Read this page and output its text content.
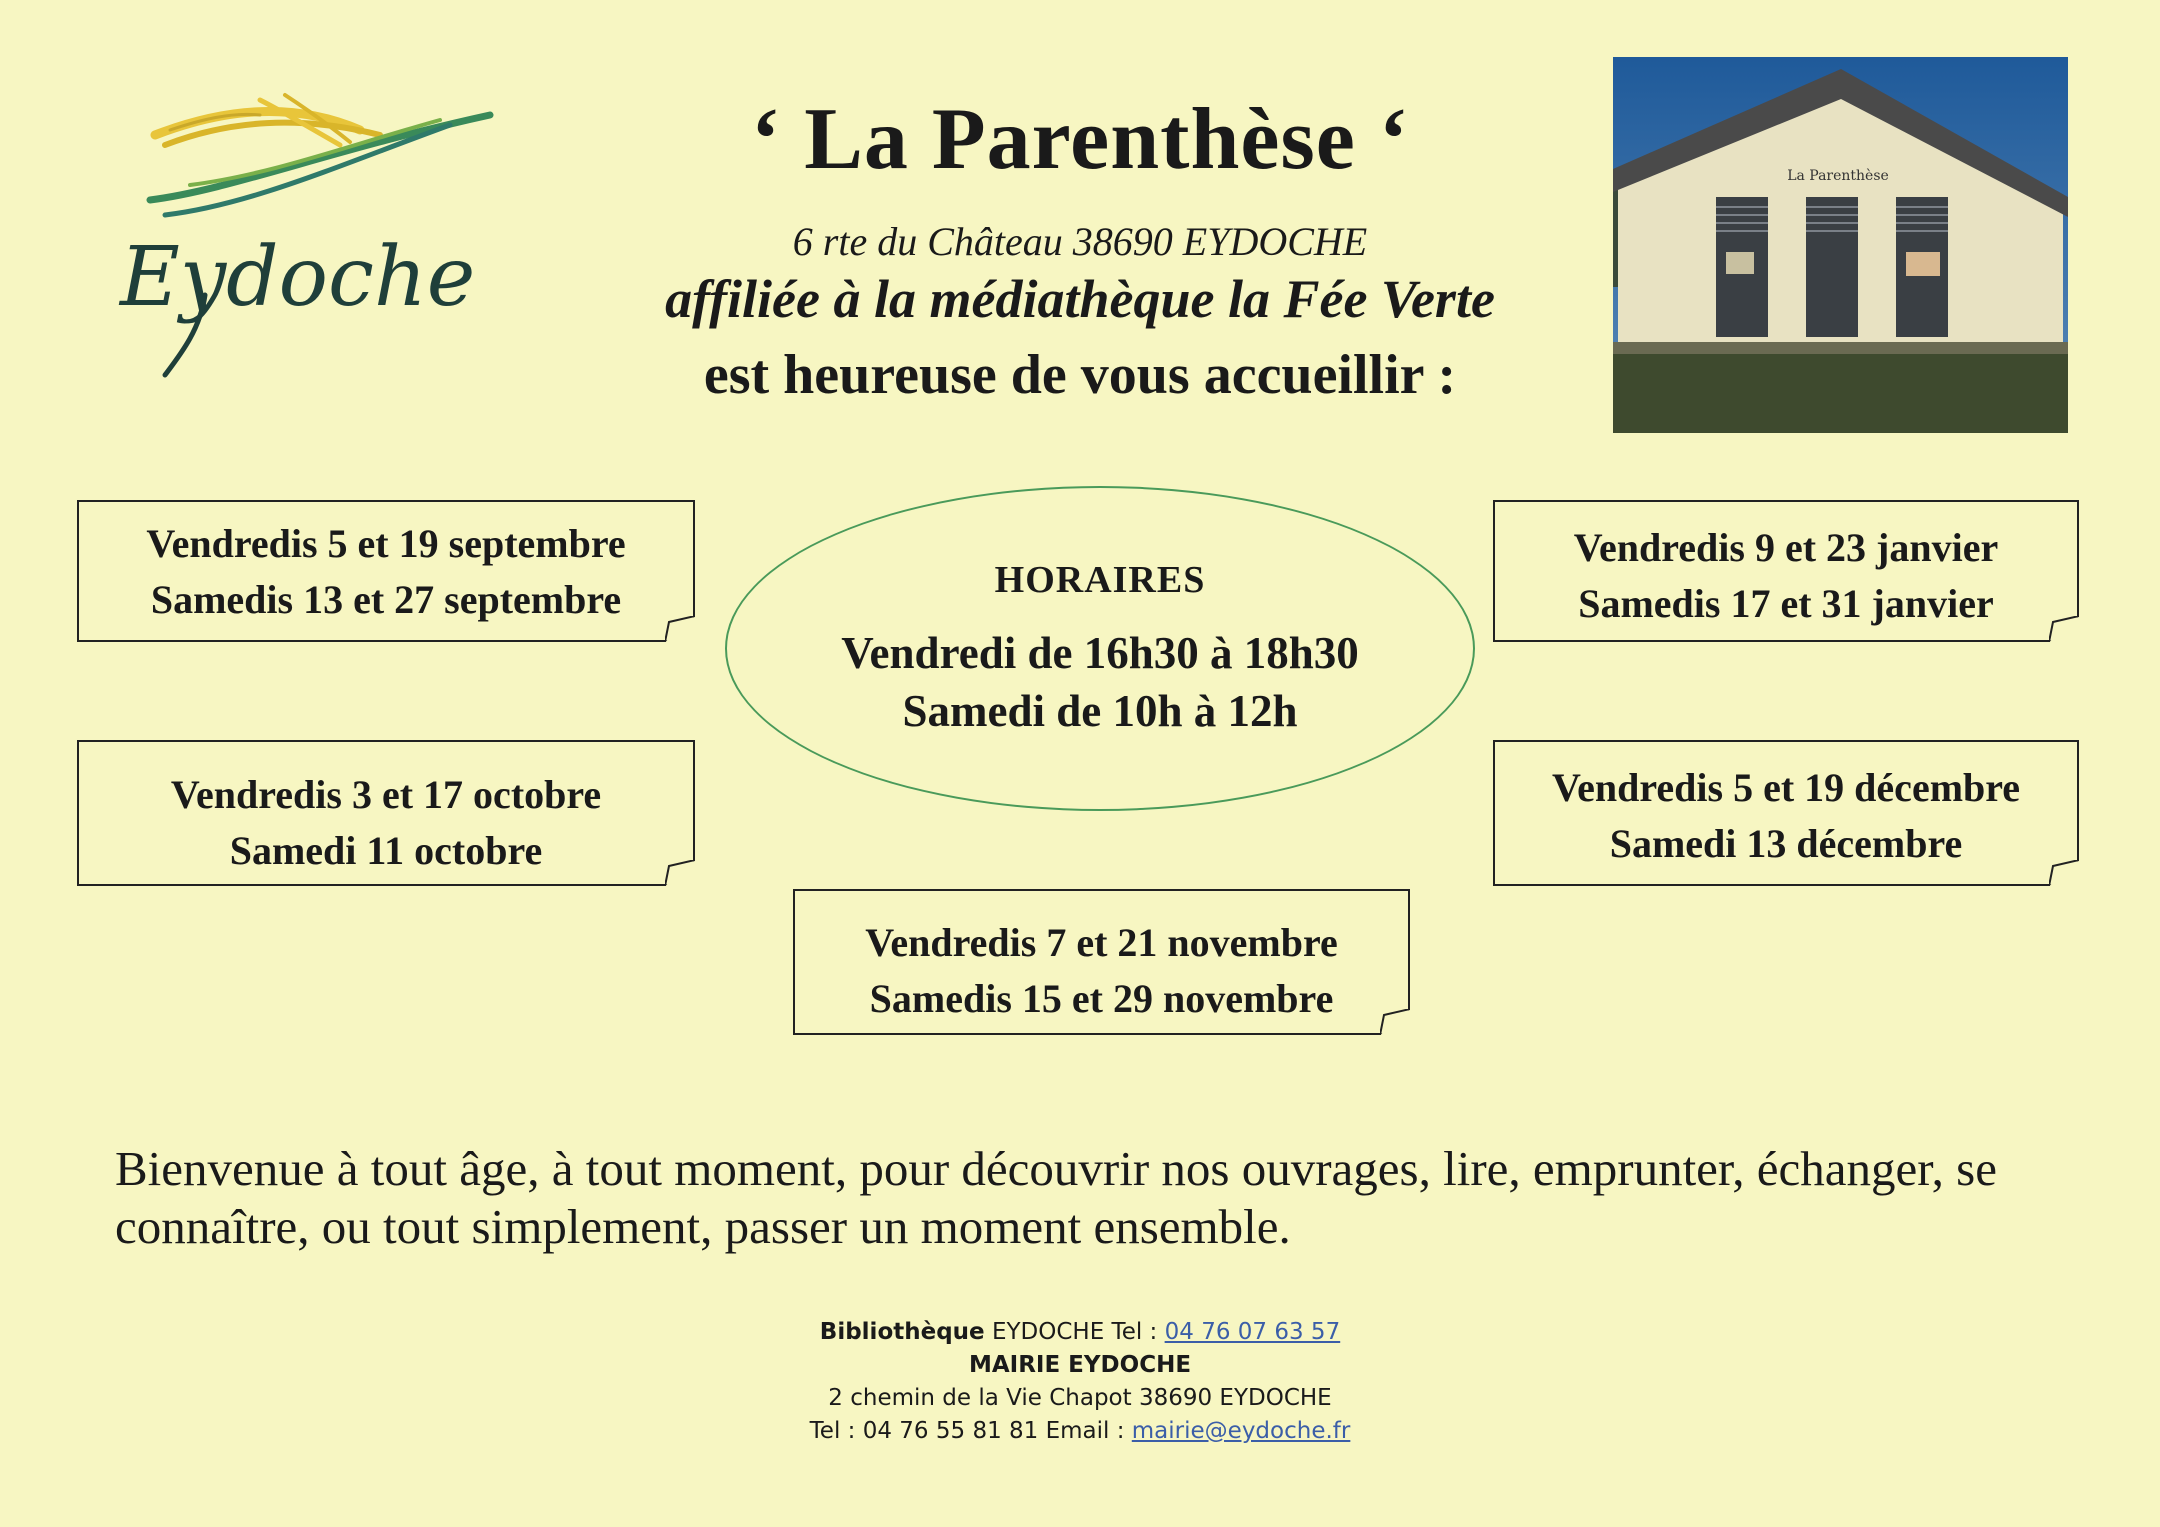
Eydoche
‘ La Parenthèse ‘
6 rte du Château 38690 EYDOCHE
affiliée à la médiathèque la Fée Verte
est heureuse de vous accueillir :
La Parenthèse
Vendredis 5 et 19 septembre
Samedis 13 et 27 septembre
Vendredis 3 et 17 octobre
Samedi 11 octobre
Vendredis 7 et 21 novembre
Samedis 15 et 29 novembre
Vendredis 9 et 23 janvier
Samedis 17 et 31 janvier
Vendredis 5 et 19 décembre
Samedi 13 décembre
HORAIRES
Vendredi de 16h30 à 18h30
Samedi de 10h à 12h
Bienvenue à tout âge, à tout moment, pour découvrir nos ouvrages, lire, emprunter, échanger, se connaître, ou tout simplement, passer un moment ensemble.
Bibliothèque EYDOCHE Tel : 04 76 07 63 57
MAIRIE EYDOCHE
2 chemin de la Vie Chapot 38690 EYDOCHE
Tel : 04 76 55 81 81 Email : mairie@eydoche.fr
